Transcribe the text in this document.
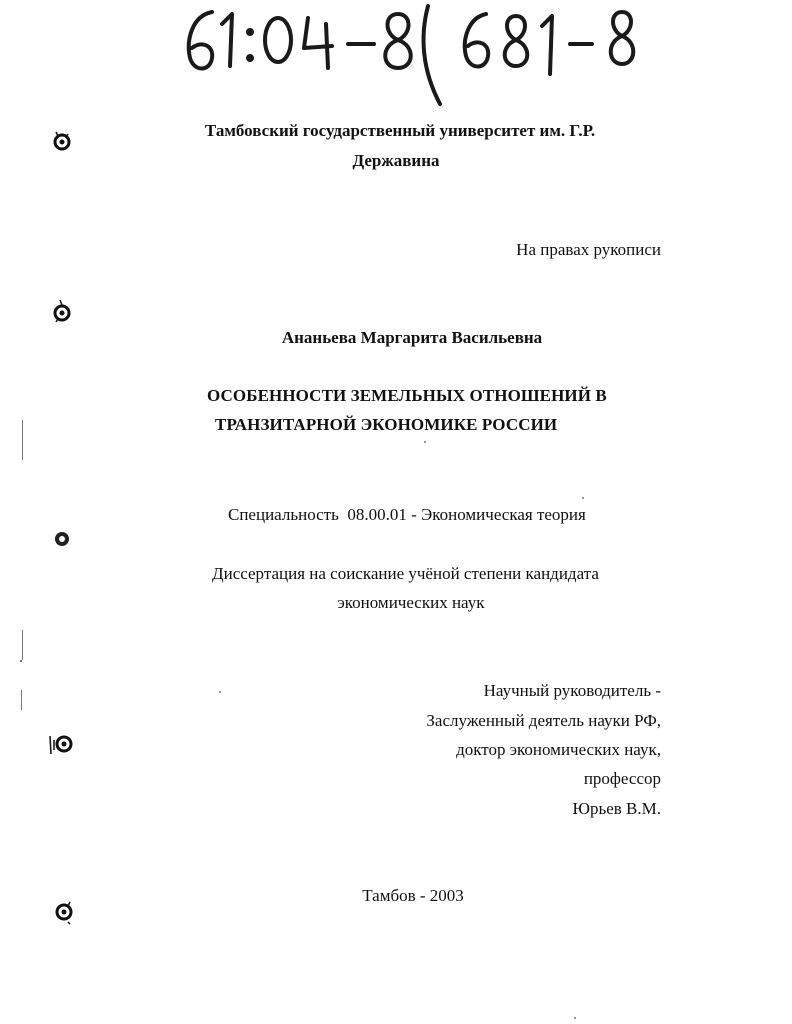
Тамбовский государственный университет им. Г.Р.
Державина
На правах рукописи
Ананьева Маргарита Васильевна
ОСОБЕННОСТИ ЗЕМЕЛЬНЫХ ОТНОШЕНИЙ В
ТРАНЗИТАРНОЙ ЭКОНОМИКЕ РОССИИ
Специальность  08.00.01 - Экономическая теория
Диссертация на соискание учёной степени кандидата
экономических наук
Научный руководитель -
Заслуженный деятель науки РФ,
доктор экономических наук,
профессор
Юрьев В.М.
Тамбов - 2003
